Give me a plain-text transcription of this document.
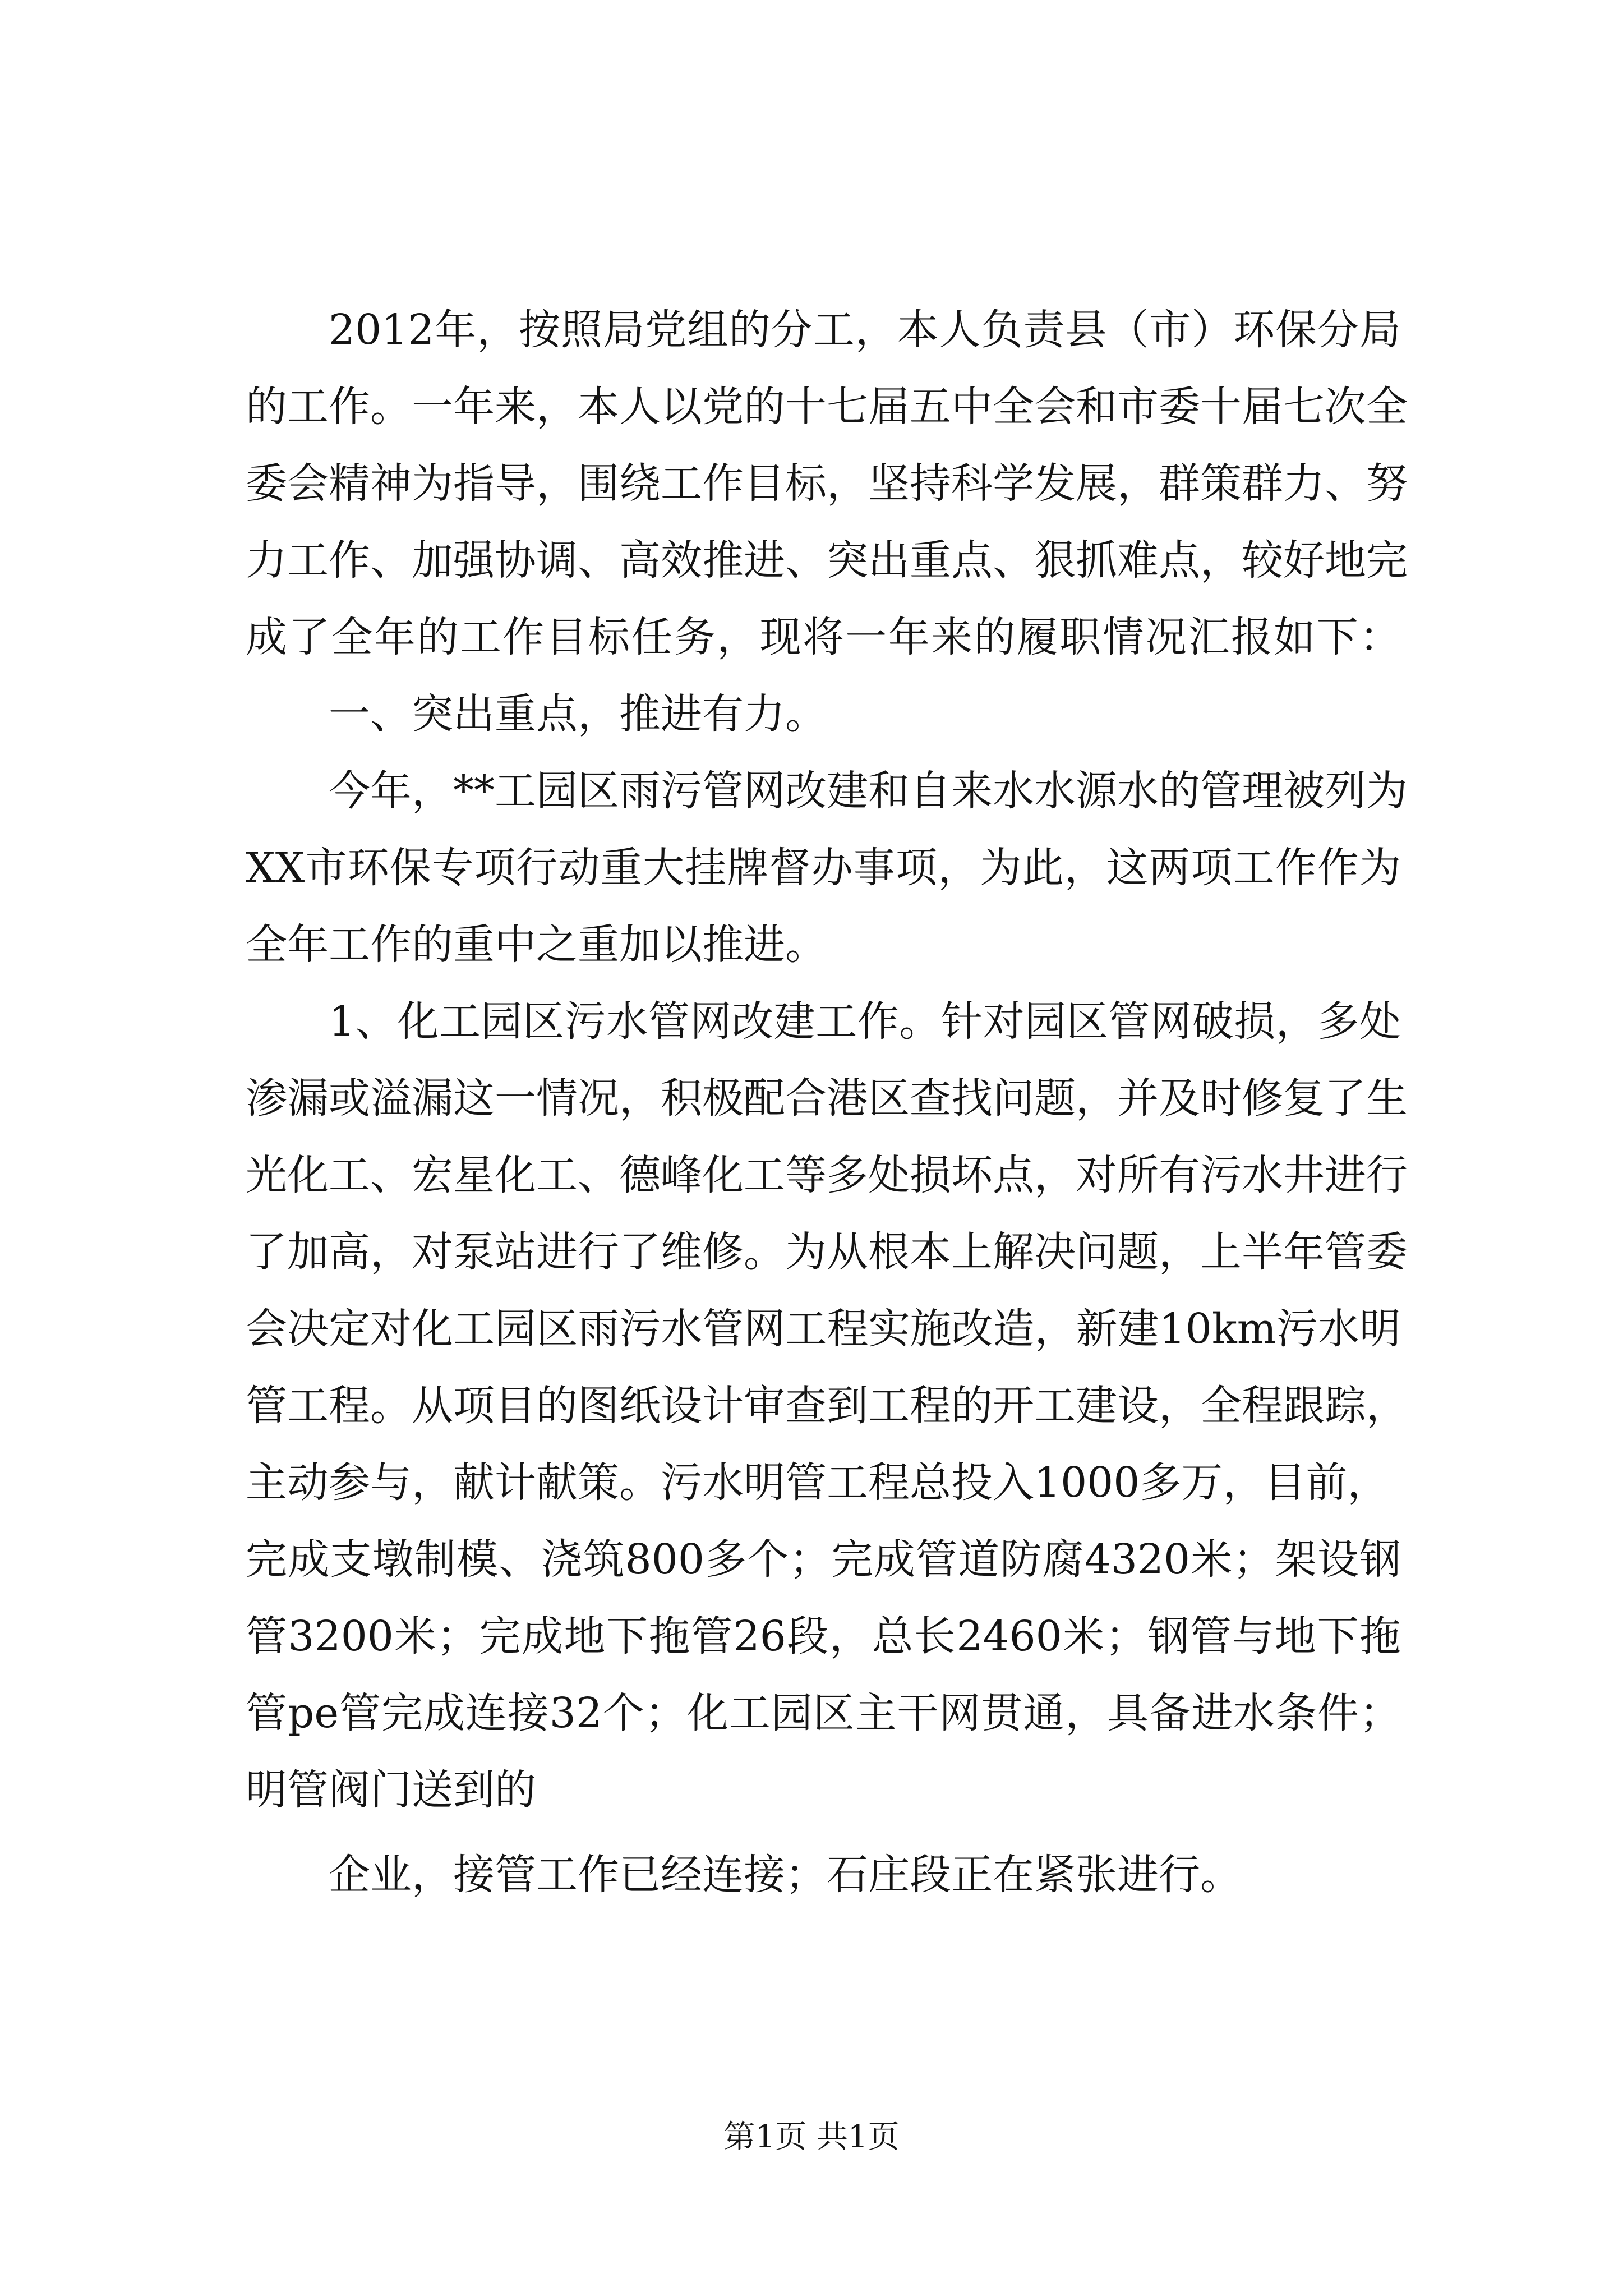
2012年，按照局党组的分工，本人负责县（市）环保分局
的工作。一年来，本人以党的十七届五中全会和市委十届七次全
委会精神为指导，围绕工作目标，坚持科学发展，群策群力、努
力工作、加强协调、高效推进、突出重点、狠抓难点，较好地完
成了全年的工作目标任务，现将一年来的履职情况汇报如下：
一、突出重点，推进有力。
今年，**工园区雨污管网改建和自来水水源水的管理被列为
XX市环保专项行动重大挂牌督办事项，为此，这两项工作作为
全年工作的重中之重加以推进。
1、化工园区污水管网改建工作。针对园区管网破损，多处
渗漏或溢漏这一情况，积极配合港区查找问题，并及时修复了生
光化工、宏星化工、德峰化工等多处损坏点，对所有污水井进行
了加高，对泵站进行了维修。为从根本上解决问题，上半年管委
会决定对化工园区雨污水管网工程实施改造，新建10km污水明
管工程。从项目的图纸设计审查到工程的开工建设，全程跟踪，
主动参与，献计献策。污水明管工程总投入1000多万，目前，
完成支墩制模、浇筑800多个；完成管道防腐4320米；架设钢
管3200米；完成地下拖管26段，总长2460米；钢管与地下拖
管pe管完成连接32个；化工园区主干网贯通，具备进水条件；
明管阀门送到的
企业，接管工作已经连接；石庄段正在紧张进行。
第1页 共1页
